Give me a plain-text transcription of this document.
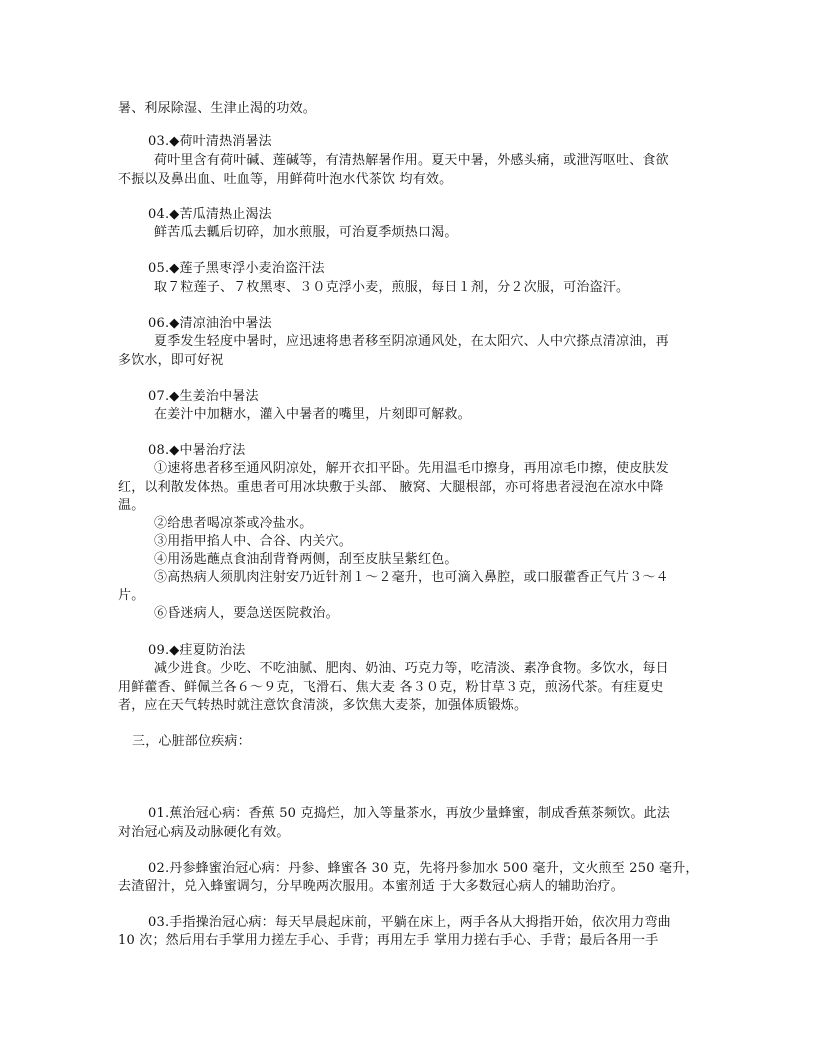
暑、利尿除湿、生津止渴的功效。
03.◆荷叶清热消暑法
荷叶里含有荷叶碱、莲碱等，有清热解暑作用。夏天中暑，外感头痛，或泄泻呕吐、食欲
不振以及鼻出血、吐血等，用鲜荷叶泡水代茶饮 均有效。
04.◆苦瓜清热止渴法
鲜苦瓜去瓤后切碎，加水煎服，可治夏季烦热口渴。
05.◆莲子黑枣浮小麦治盗汗法
取７粒莲子、７枚黑枣、３０克浮小麦，煎服，每日１剂，分２次服，可治盗汗。
06.◆清凉油治中暑法
夏季发生轻度中暑时，应迅速将患者移至阴凉通风处，在太阳穴、人中穴搽点清凉油，再
多饮水，即可好祝
07.◆生姜治中暑法
在姜汁中加糖水，灌入中暑者的嘴里，片刻即可解救。
08.◆中暑治疗法
①速将患者移至通风阴凉处，解开衣扣平卧。先用温毛巾擦身，再用凉毛巾擦，使皮肤发
红，以利散发体热。重患者可用冰块敷于头部、 腋窝、大腿根部，亦可将患者浸泡在凉水中降
温。
②给患者喝凉茶或冷盐水。
③用指甲掐人中、合谷、内关穴。
④用汤匙蘸点食油刮背脊两侧，刮至皮肤呈紫红色。
⑤高热病人须肌肉注射安乃近针剂１～２毫升，也可滴入鼻腔，或口服藿香正气片３～４
片。
⑥昏迷病人，要急送医院救治。
09.◆疰夏防治法
减少进食。少吃、不吃油腻、肥肉、奶油、巧克力等，吃清淡、素净食物。多饮水，每日
用鲜藿香、鲜佩兰各６～９克，飞滑石、焦大麦 各３０克，粉甘草３克，煎汤代茶。有疰夏史
者，应在天气转热时就注意饮食清淡，多饮焦大麦茶，加强体质锻炼。
三，心脏部位疾病：
01.蕉治冠心病：香蕉 50 克捣烂，加入等量茶水，再放少量蜂蜜，制成香蕉茶频饮。此法
对治冠心病及动脉硬化有效。
02.丹参蜂蜜治冠心病：丹参、蜂蜜各 30 克，先将丹参加水 500 毫升，文火煎至 250 毫升，
去渣留汁，兑入蜂蜜调匀，分早晚两次服用。本蜜剂适 于大多数冠心病人的辅助治疗。
03.手指操治冠心病：每天早晨起床前，平躺在床上，两手各从大拇指开始，依次用力弯曲
10 次；然后用右手掌用力搓左手心、手背；再用左手 掌用力搓右手心、手背；最后各用一手
